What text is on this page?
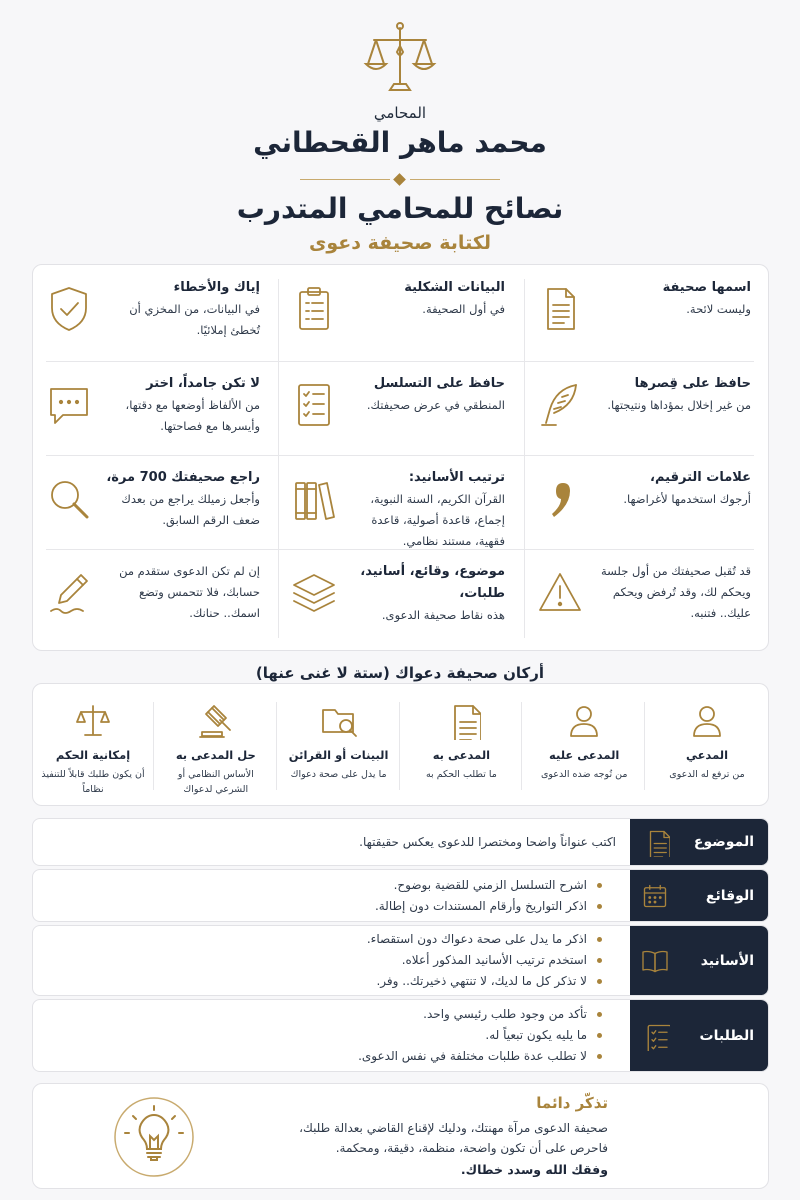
المحامي
محمد ماهر القحطاني
نصائح للمحامي المتدرب
لكتابة صحيفة دعوى
اسمها صحيفة
وليست لائحة.
البيانات الشكلية
في أول الصحيفة.
إياك والأخطاء
في البيانات، من المخزي أن تُخطئ إملائيًا.
حافظ على قِصرها
من غير إخلال بمؤداها ونتيجتها.
حافظ على التسلسل
المنطقي في عرض صحيفتك.
لا تكن جامداً، اختر
من الألفاظ أوضعها مع دقتها، وأيسرها مع فصاحتها.
علامات الترقيم،
أرجوك استخدمها لأغراضها.
ترتيب الأسانيد:
القرآن الكريم، السنة النبوية، إجماع، قاعدة أصولية، قاعدة فقهية، مستند نظامي.
راجع صحيفتك 700 مرة،
وأجعل زميلك يراجع من بعدك ضعف الرقم السابق.
قد تُقبل صحيفتك من أول جلسة ويحكم لك، وقد تُرفض ويحكم عليك.. فتنبه.
موضوع، وقائع، أسانيد، طلبات،
هذه نقاط صحيفة الدعوى.
إن لم تكن الدعوى ستقدم من حسابك، فلا تتحمس وتضع اسمك.. حنانك.
أركان صحيفة دعواك (ستة لا غنى عنها)
المدعي
من ترفع له الدعوى
المدعى عليه
من تُوجه ضده الدعوى
المدعى به
ما تطلب الحكم به
البينات أو القرائن
ما يدل على صحة دعواك
حل المدعى به
الأساس النظامي أو الشرعي لدعواك
إمكانية الحكم
أن يكون طلبك قابلاً للتنفيذ نظاماً
الموضوع
اكتب عنواناً واضحا ومختصرا للدعوى يعكس حقيقتها.
الوقائع
اشرح التسلسل الزمني للقضية بوضوح.
اذكر التواريخ وأرقام المستندات دون إطالة.
الأسانيد
اذكر ما يدل على صحة دعواك دون استقصاء.
استخدم ترتيب الأسانيد المذكور أعلاه.
لا تذكر كل ما لديك، لا تنتهي ذخيرتك.. وفر.
الطلبات
تأكد من وجود طلب رئيسي واحد.
ما يليه يكون تبعياً له.
لا تطلب عدة طلبات مختلفة في نفس الدعوى.
تذكّر دائما
صحيفة الدعوى مرآة مهنتك، ودليك لإقناع القاضي بعدالة طلبك،
فاحرص على أن تكون واضحة، منظمة، دقيقة، ومحكمة.
وفقك الله وسدد خطاك.
